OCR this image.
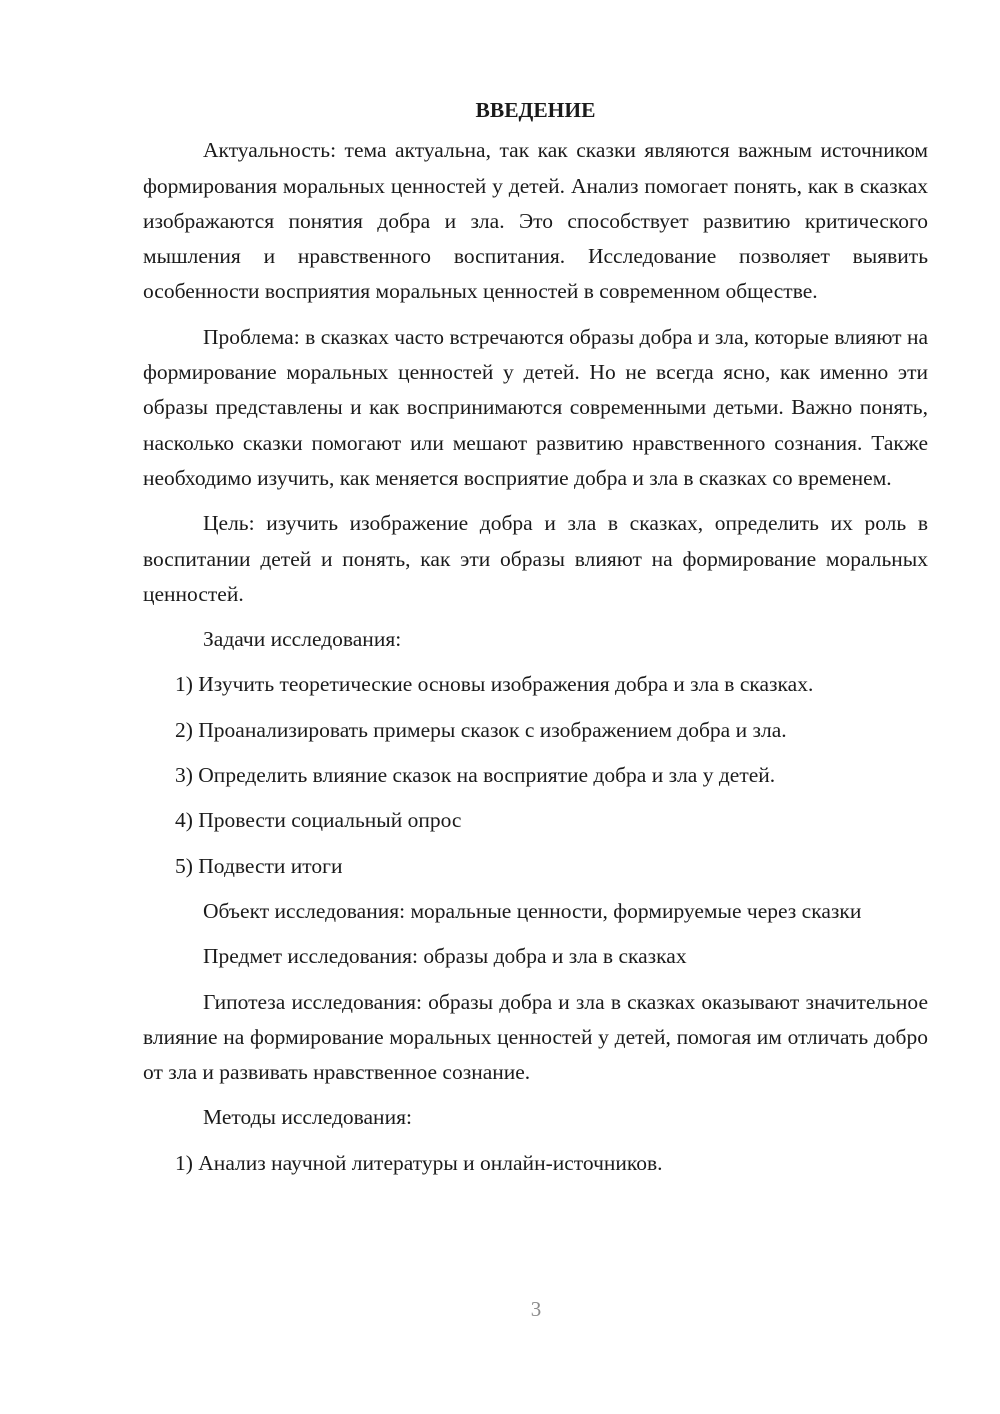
ВВЕДЕНИЕ

Актуальность: тема актуальна, так как сказки являются важным источником формирования моральных ценностей у детей. Анализ помогает понять, как в сказках изображаются понятия добра и зла. Это способствует развитию критического мышления и нравственного воспитания. Исследование позволяет выявить особенности восприятия моральных ценностей в современном обществе.

Проблема: в сказках часто встречаются образы добра и зла, которые влияют на формирование моральных ценностей у детей. Но не всегда ясно, как именно эти образы представлены и как воспринимаются современными детьми. Важно понять, насколько сказки помогают или мешают развитию нравственного сознания. Также необходимо изучить, как меняется восприятие добра и зла в сказках со временем.

Цель: изучить изображение добра и зла в сказках, определить их роль в воспитании детей и понять, как эти образы влияют на формирование моральных ценностей.

Задачи исследования:

1) Изучить теоретические основы изображения добра и зла в сказках.
2) Проанализировать примеры сказок с изображением добра и зла.
3) Определить влияние сказок на восприятие добра и зла у детей.
4) Провести социальный опрос
5) Подвести итоги

Объект исследования: моральные ценности, формируемые через сказки

Предмет исследования: образы добра и зла в сказках

Гипотеза исследования: образы добра и зла в сказках оказывают значительное влияние на формирование моральных ценностей у детей, помогая им отличать добро от зла и развивать нравственное сознание.

Методы исследования:

1) Анализ научной литературы и онлайн-источников.
3
